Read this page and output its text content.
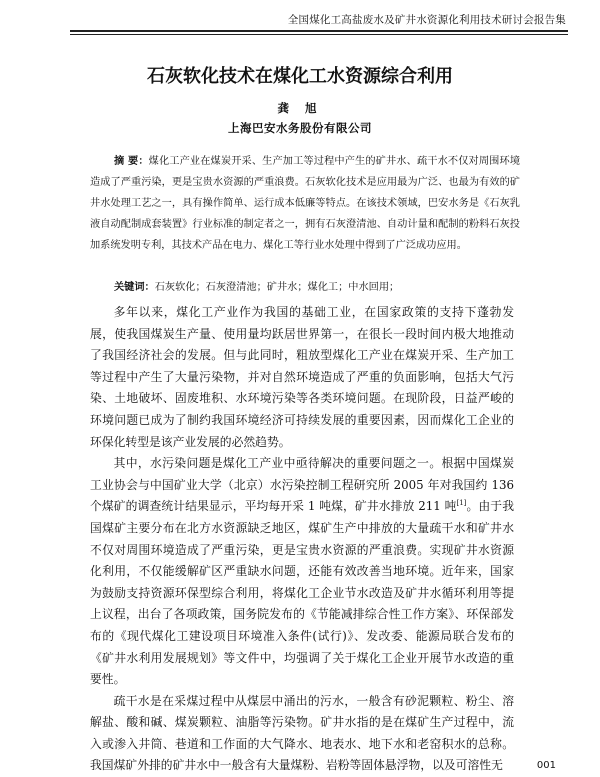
全国煤化工高盐废水及矿井水资源化利用技术研讨会报告集
石灰软化技术在煤化工水资源综合利用
龚 旭
上海巴安水务股份有限公司
摘 要：煤化工产业在煤炭开采、生产加工等过程中产生的矿井水、疏干水不仅对周围环境造成了严重污染，更是宝贵水资源的严重浪费。石灰软化技术是应用最为广泛、也最为有效的矿井水处理工艺之一，具有操作简单、运行成本低廉等特点。在该技术领域，巴安水务是《石灰乳液自动配制成套装置》行业标准的制定者之一，拥有石灰澄清池、自动计量和配制的粉料石灰投加系统发明专利，其技术产品在电力、煤化工等行业水处理中得到了广泛成功应用。
关键词：石灰软化；石灰澄清池；矿井水；煤化工；中水回用；

多年以来，煤化工产业作为我国的基础工业，在国家政策的支持下蓬勃发展，使我国煤炭生产量、使用量均跃居世界第一，在很长一段时间内极大地推动了我国经济社会的发展。但与此同时，粗放型煤化工产业在煤炭开采、生产加工等过程中产生了大量污染物，并对自然环境造成了严重的负面影响，包括大气污染、土地破坏、固废堆积、水环境污染等各类环境问题。在现阶段，日益严峻的环境问题已成为了制约我国环境经济可持续发展的重要因素，因而煤化工企业的环保化转型是该产业发展的必然趋势。

其中，水污染问题是煤化工产业中亟待解决的重要问题之一。根据中国煤炭工业协会与中国矿业大学（北京）水污染控制工程研究所 2005 年对我国约 136 个煤矿的调查统计结果显示，平均每开采 1 吨煤，矿井水排放 211 吨[1]。由于我国煤矿主要分布在北方水资源缺乏地区，煤矿生产中排放的大量疏干水和矿井水不仅对周围环境造成了严重污染，更是宝贵水资源的严重浪费。实现矿井水资源化利用，不仅能缓解矿区严重缺水问题，还能有效改善当地环境。近年来，国家为鼓励支持资源环保型综合利用，将煤化工企业节水改造及矿井水循环利用等提上议程，出台了各项政策，国务院发布的《节能减排综合性工作方案》、环保部发布的《现代煤化工建设项目环境准入条件(试行)》、发改委、能源局联合发布的《矿井水利用发展规划》等文件中，均强调了关于煤化工企业开展节水改造的重要性。

疏干水是在采煤过程中从煤层中涌出的污水，一般含有砂泥颗粒、粉尘、溶解盐、酸和碱、煤炭颗粒、油脂等污染物。矿井水指的是在煤矿生产过程中，流入或渗入井筒、巷道和工作面的大气降水、地表水、地下水和老窑积水的总称。我国煤矿外排的矿井水中一般含有大量煤粉、岩粉等固体悬浮物，以及可溶性无	001
